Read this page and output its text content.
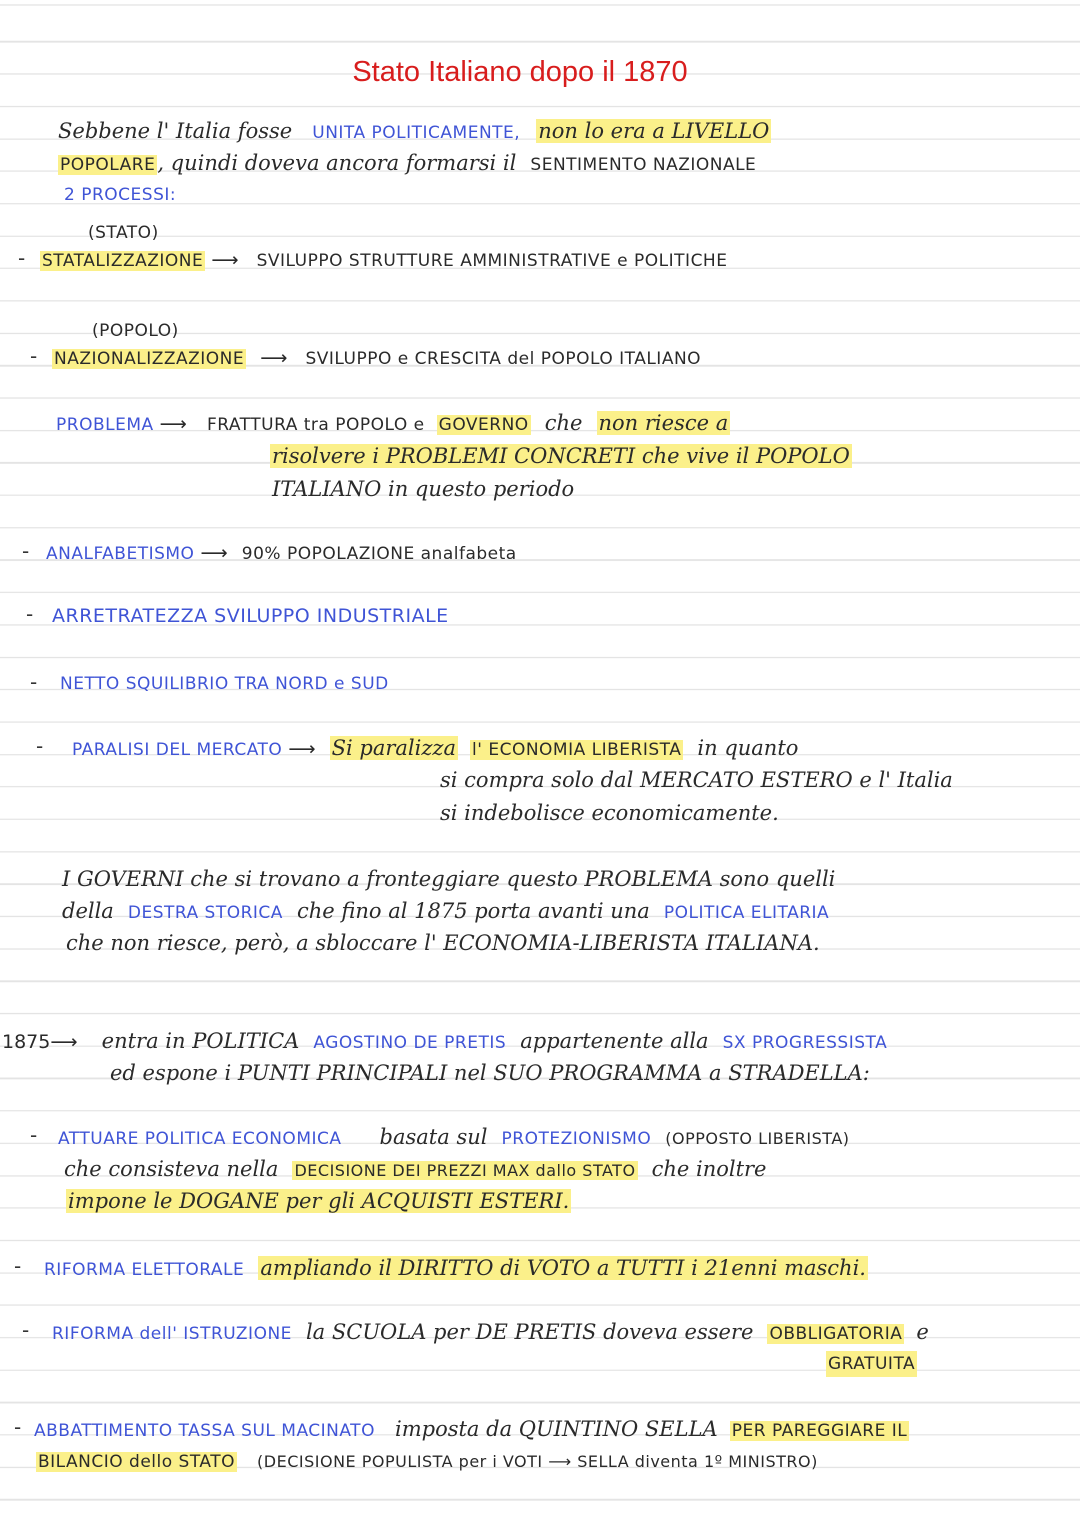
Stato Italiano dopo il 1870
Sebbene l' Italia fosse UNITA POLITICAMENTE, non lo era a LIVELLO
POPOLARE, quindi doveva ancora formarsi il SENTIMENTO NAZIONALE
2 PROCESSI:
(STATO)
- STATALIZZAZIONE ⟶ SVILUPPO STRUTTURE AMMINISTRATIVE e POLITICHE
(POPOLO)
- NAZIONALIZZAZIONE ⟶ SVILUPPO e CRESCITA del POPOLO ITALIANO
PROBLEMA ⟶ FRATTURA tra POPOLO e GOVERNO che non riesce a
risolvere i PROBLEMI CONCRETI che vive il POPOLO
ITALIANO in questo periodo
- ANALFABETISMO ⟶ 90% POPOLAZIONE analfabeta
- ARRETRATEZZA SVILUPPO INDUSTRIALE
- NETTO SQUILIBRIO TRA NORD e SUD
- PARALISI DEL MERCATO ⟶ Si paralizza l' ECONOMIA LIBERISTA in quanto
si compra solo dal MERCATO ESTERO e l' Italia
si indebolisce economicamente.
I GOVERNI che si trovano a fronteggiare questo PROBLEMA sono quelli
della DESTRA STORICA che fino al 1875 porta avanti una POLITICA ELITARIA
che non riesce, però, a sbloccare l' ECONOMIA-LIBERISTA ITALIANA.
1875⟶ entra in POLITICA AGOSTINO DE PRETIS appartenente alla SX PROGRESSISTA
ed espone i PUNTI PRINCIPALI nel SUO PROGRAMMA a STRADELLA:
- ATTUARE POLITICA ECONOMICA basata sul PROTEZIONISMO (OPPOSTO LIBERISTA)
che consisteva nella DECISIONE DEI PREZZI MAX dallo STATO che inoltre
impone le DOGANE per gli ACQUISTI ESTERI.
- RIFORMA ELETTORALE ampliando il DIRITTO di VOTO a TUTTI i 21enni maschi.
- RIFORMA dell' ISTRUZIONE la SCUOLA per DE PRETIS doveva essere OBBLIGATORIA e
GRATUITA
- ABBATTIMENTO TASSA SUL MACINATO imposta da QUINTINO SELLA PER PAREGGIARE IL
BILANCIO dello STATO (DECISIONE POPULISTA per i VOTI ⟶ SELLA diventa 1º MINISTRO)
